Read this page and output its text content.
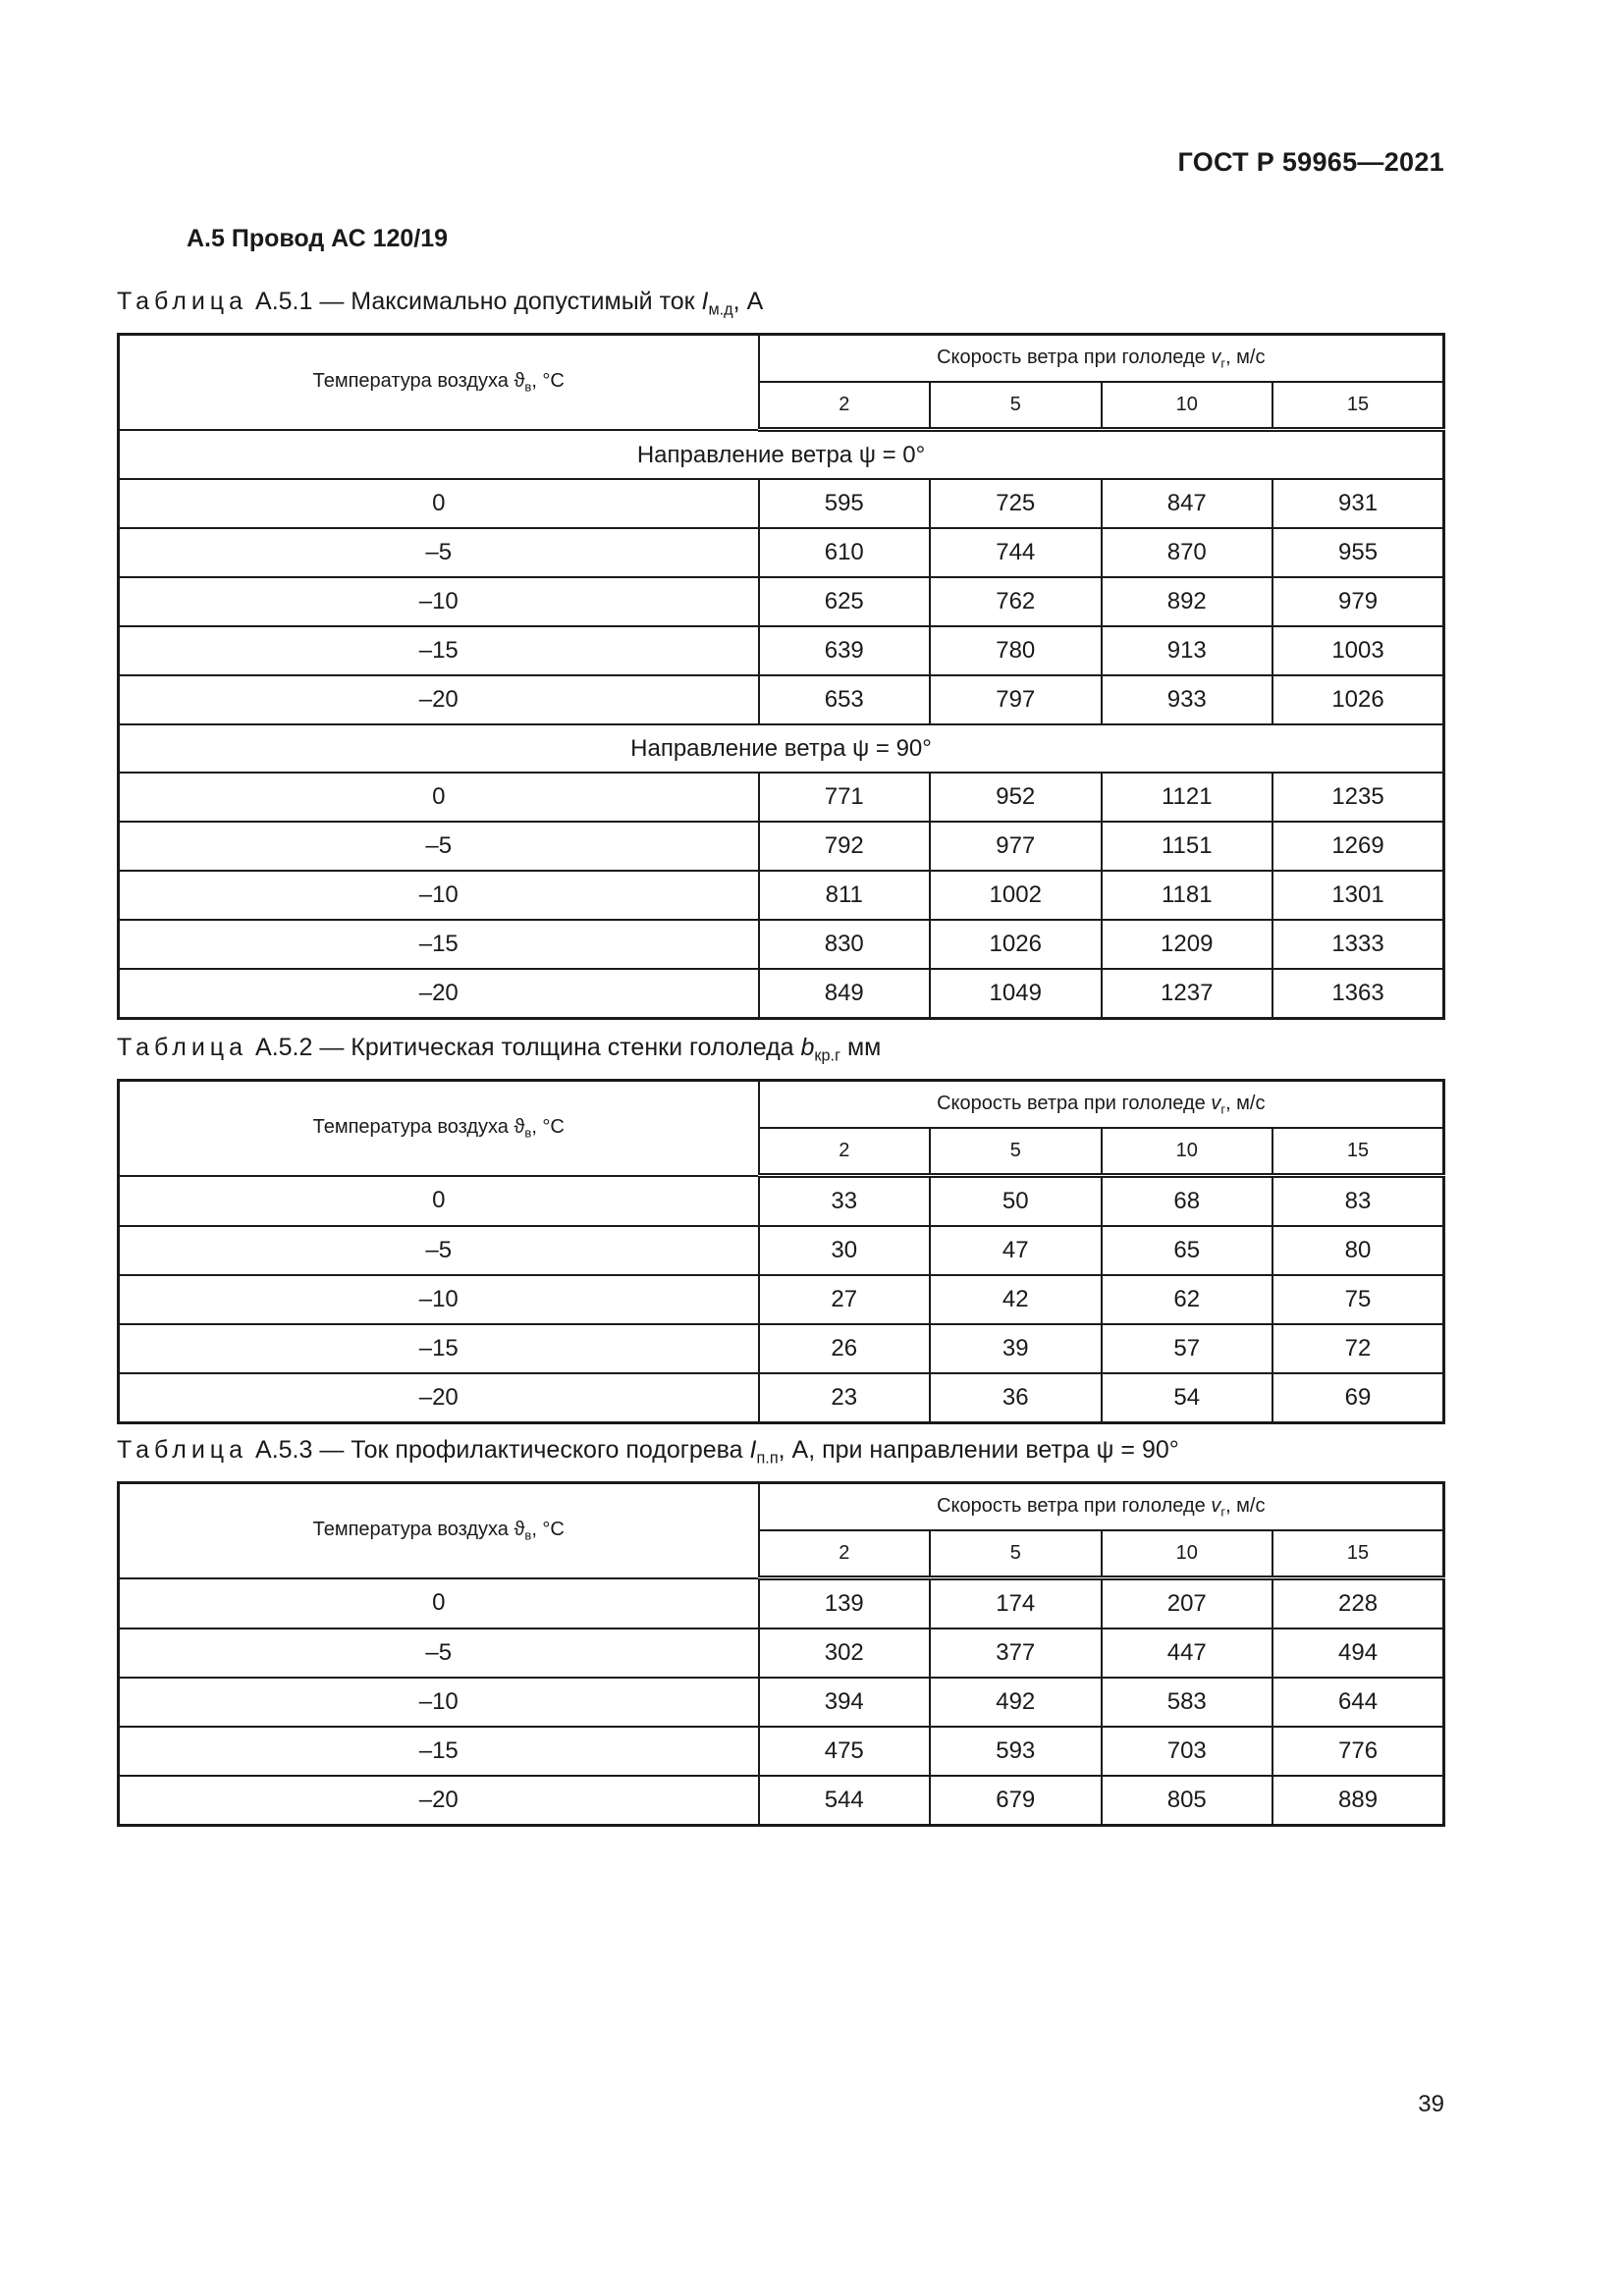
ГОСТ Р 59965—2021
А.5 Провод АС 120/19
Таблица А.5.1 — Максимально допустимый ток $I_{м.д}$, А
Температура воздуха $ϑ_в$, °С	Скорость ветра при гололеде $v_г$, м/с			
	2	5	10	15
Направление ветра ψ = 0°				
0	595	725	847	931
–5	610	744	870	955
–10	625	762	892	979
–15	639	780	913	1003
–20	653	797	933	1026
Направление ветра ψ = 90°				
0	771	952	1121	1235
–5	792	977	1151	1269
–10	811	1002	1181	1301
–15	830	1026	1209	1333
–20	849	1049	1237	1363
Таблица А.5.2 — Критическая толщина стенки гололеда $b_{кр.г}$ мм
Температура воздуха $ϑ_в$, °С	Скорость ветра при гололеде $v_г$, м/с			
	2	5	10	15
0	33	50	68	83
–5	30	47	65	80
–10	27	42	62	75
–15	26	39	57	72
–20	23	36	54	69
Таблица А.5.3 — Ток профилактического подогрева $I_{п.п}$, А, при направлении ветра ψ = 90°
Температура воздуха $ϑ_в$, °С	Скорость ветра при гололеде $v_г$, м/с			
	2	5	10	15
0	139	174	207	228
–5	302	377	447	494
–10	394	492	583	644
–15	475	593	703	776
–20	544	679	805	889
39
